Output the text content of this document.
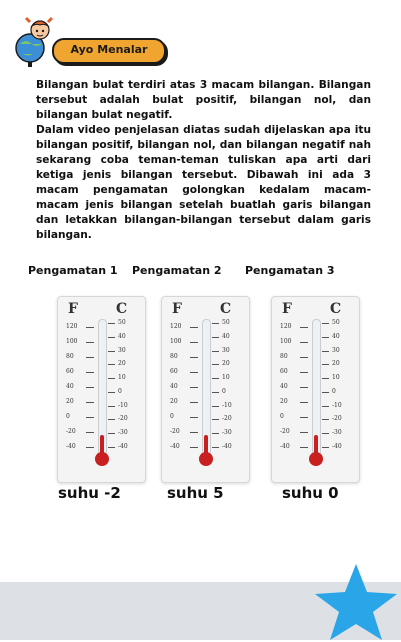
Ayo Menalar

Bilangan bulat terdiri atas 3 macam bilangan. Bilangan tersebut adalah bulat positif, bilangan nol, dan bilangan bulat negatif.

Dalam video penjelasan diatas sudah dijelaskan apa itu bilangan positif, bilangan nol, dan bilangan negatif nah sekarang coba teman-teman tuliskan apa arti dari ketiga jenis bilangan tersebut. Dibawah ini ada 3 macam pengamatan golongkan kedalam macam-macam jenis bilangan setelah buatlah garis bilangan dan letakkan bilangan-bilangan tersebut dalam garis bilangan.

Pengamatan 1 Pengamatan 2 Pengamatan 3
F	C
120
100
80
60
40
20
0
-20
-40
50
40
30
20
10
0
-10
-20
-30
-40
F	C
120
100
80
60
40
20
0
-20
-40
50
40
30
20
10
0
-10
-20
-30
-40
F	C
120
100
80
60
40
20
0
-20
-40
50
40
30
20
10
0
-10
-20
-30
-40
suhu -2	suhu 5	suhu 0
